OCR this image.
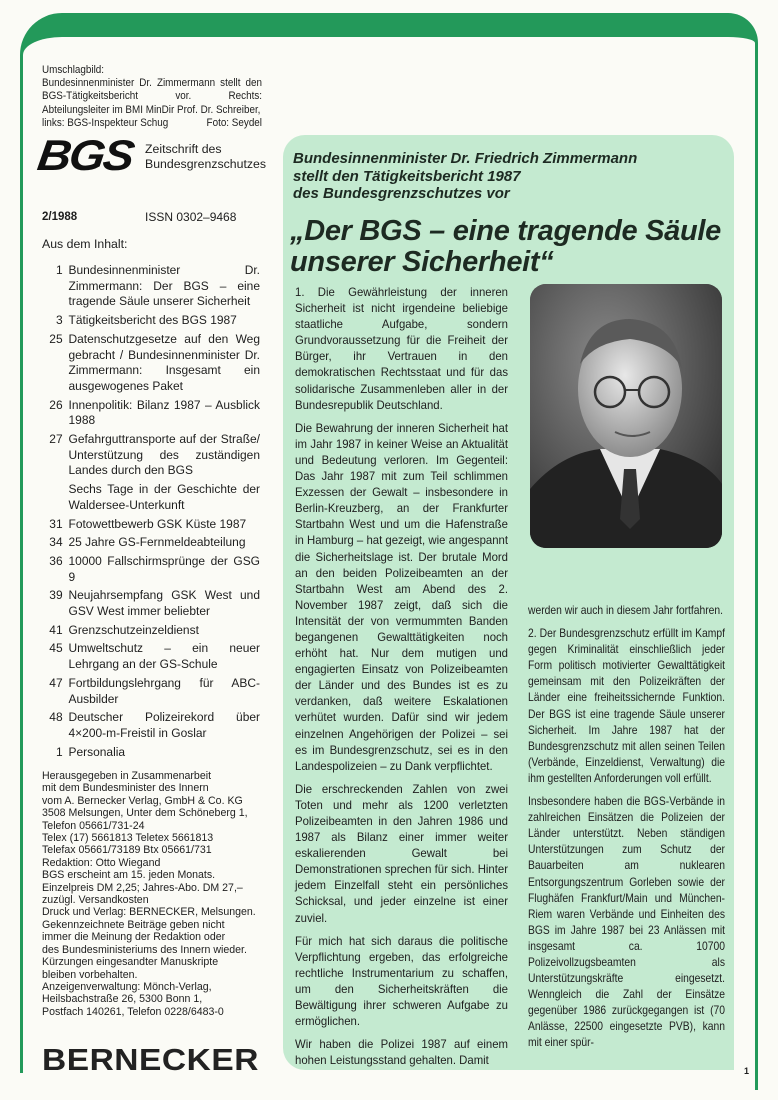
Umschlagbild:
Bundesinnenminister Dr. Zimmermann stellt den BGS-Tätigkeitsbericht vor. Rechts: Abteilungsleiter im BMI MinDir Prof. Dr. Schreiber,
links: BGS-Inspekteur Schug	Foto: Seydel
BGS Zeitschrift des
Bundesgrenzschutzes
2/1988	ISSN 0302–9468
Aus dem Inhalt:
1 Bundesinnenminister Dr. Zimmermann: Der BGS – eine tragende Säule unserer Sicherheit
3 Tätigkeitsbericht des BGS 1987
25 Datenschutzgesetze auf den Weg gebracht / Bundesinnenminister Dr. Zimmermann: Insgesamt ein ausgewogenes Paket
26 Innenpolitik: Bilanz 1987 – Ausblick 1988
27 Gefahrguttransporte auf der Straße/ Unterstützung des zuständigen Landes durch den BGS
Sechs Tage in der Geschichte der Waldersee-Unterkunft
31 Fotowettbewerb GSK Küste 1987
34 25 Jahre GS-Fernmeldeabteilung
36 10000 Fallschirmsprünge der GSG 9
39 Neujahrsempfang GSK West und GSV West immer beliebter
41 Grenzschutzeinzeldienst
45 Umweltschutz – ein neuer Lehrgang an der GS-Schule
47 Fortbildungslehrgang für ABC-Ausbilder
48 Deutscher Polizeirekord über 4×200-m-Freistil in Goslar
1 Personalia
Herausgegeben in Zusammenarbeit
mit dem Bundesminister des Innern
vom A. Bernecker Verlag, GmbH & Co. KG
3508 Melsungen, Unter dem Schöneberg 1,
Telefon 05661/731-24
Telex (17) 5661813 Teletex 5661813
Telefax 05661/73189 Btx 05661/731
Redaktion: Otto Wiegand
BGS erscheint am 15. jeden Monats.
Einzelpreis DM 2,25; Jahres-Abo. DM 27,–
zuzügl. Versandkosten
Druck und Verlag: BERNECKER, Melsungen.
Gekennzeichnete Beiträge geben nicht
immer die Meinung der Redaktion oder
des Bundesministeriums des Innern wieder.
Kürzungen eingesandter Manuskripte
bleiben vorbehalten.
Anzeigenverwaltung: Mönch-Verlag,
Heilsbachstraße 26, 5300 Bonn 1,
Postfach 140261, Telefon 0228/6483-0
BERNECKER
Bundesinnenminister Dr. Friedrich Zimmermann
stellt den Tätigkeitsbericht 1987
des Bundesgrenzschutzes vor
„Der BGS – eine tragende Säule unserer Sicherheit“

1. Die Gewährleistung der inneren Sicherheit ist nicht irgendeine beliebige staatliche Aufgabe, sondern Grundvoraussetzung für die Freiheit der Bürger, ihr Vertrauen in den demokratischen Rechtsstaat und für das solidarische Zusammenleben aller in der Bundesrepublik Deutschland.

Die Bewahrung der inneren Sicherheit hat im Jahr 1987 in keiner Weise an Aktualität und Bedeutung verloren. Im Gegenteil: Das Jahr 1987 mit zum Teil schlimmen Exzessen der Gewalt – insbesondere in Berlin-Kreuzberg, an der Frankfurter Startbahn West und um die Hafenstraße in Hamburg – hat gezeigt, wie angespannt die Sicherheitslage ist. Der brutale Mord an den beiden Polizeibeamten an der Startbahn West am Abend des 2. November 1987 zeigt, daß sich die Intensität der von vermummten Banden begangenen Gewalttätigkeiten noch erhöht hat. Nur dem mutigen und engagierten Einsatz von Polizeibeamten der Länder und des Bundes ist es zu verdanken, daß weitere Eskalationen verhütet wurden. Dafür sind wir jedem einzelnen Angehörigen der Polizei – sei es im Bundesgrenzschutz, sei es in den Landespolizeien – zu Dank verpflichtet.

Die erschreckenden Zahlen von zwei Toten und mehr als 1200 verletzten Polizeibeamten in den Jahren 1986 und 1987 als Bilanz einer immer weiter eskalierenden Gewalt bei Demonstrationen sprechen für sich. Hinter jedem Einzelfall steht ein persönliches Schicksal, und jeder einzelne ist einer zuviel.

Für mich hat sich daraus die politische Verpflichtung ergeben, das erfolgreiche rechtliche Instrumentarium zu schaffen, um den Sicherheitskräften die Bewältigung ihrer schweren Aufgabe zu ermöglichen.

Wir haben die Polizei 1987 auf einem hohen Leistungsstand gehalten. Damit

werden wir auch in diesem Jahr fortfahren.

2. Der Bundesgrenzschutz erfüllt im Kampf gegen Kriminalität einschließlich jeder Form politisch motivierter Gewalttätigkeit gemeinsam mit den Polizeikräften der Länder eine freiheitssichernde Funktion. Der BGS ist eine tragende Säule unserer Sicherheit. Im Jahre 1987 hat der Bundesgrenzschutz mit allen seinen Teilen (Verbände, Einzeldienst, Verwaltung) die ihm gestellten Anforderungen voll erfüllt.

Insbesondere haben die BGS-Verbände in zahlreichen Einsätzen die Polizeien der Länder unterstützt. Neben ständigen Unterstützungen zum Schutz der Bauarbeiten am nuklearen Entsorgungszentrum Gorleben sowie der Flughäfen Frankfurt/Main und München-Riem waren Verbände und Einheiten des BGS im Jahre 1987 bei 23 Anlässen mit insgesamt ca. 10700 Polizeivollzugsbeamten als Unterstützungskräfte eingesetzt. Wenngleich die Zahl der Einsätze gegenüber 1986 zurückgegangen ist (70 Anlässe, 22500 eingesetzte PVB), kann mit einer spür-

1
